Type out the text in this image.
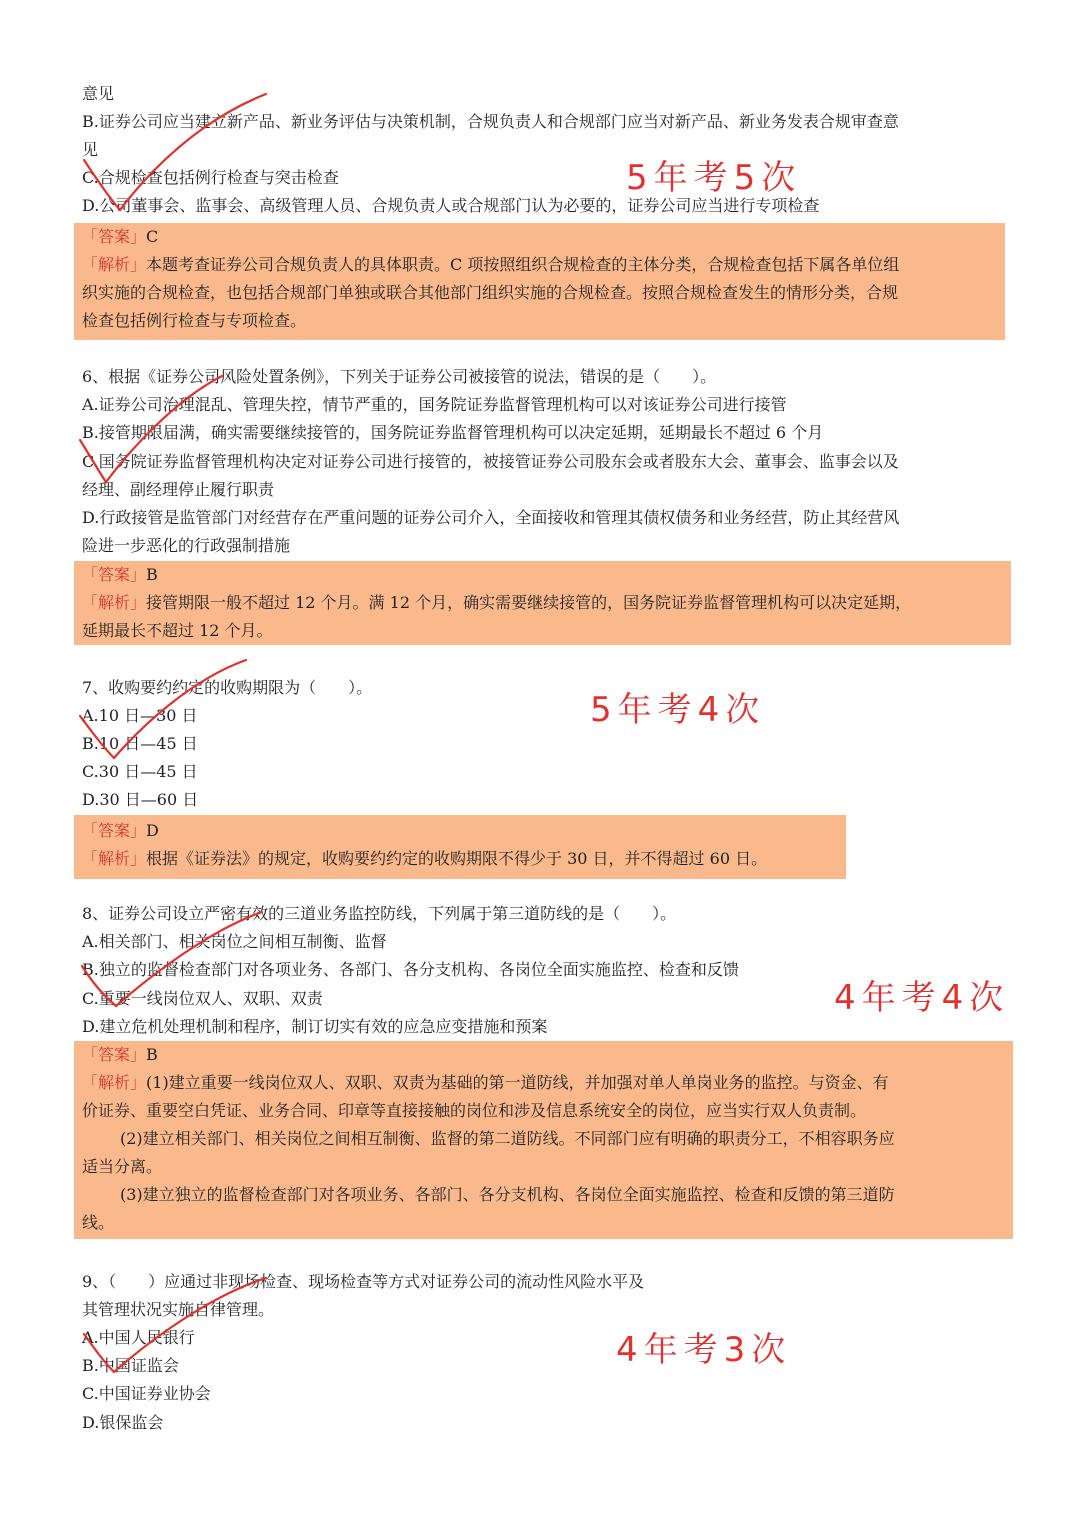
意见
B.证券公司应当建立新产品、新业务评估与决策机制，合规负责人和合规部门应当对新产品、新业务发表合规审查意
见
C.合规检查包括例行检查与突击检查
D.公司董事会、监事会、高级管理人员、合规负责人或合规部门认为必要的，证券公司应当进行专项检查
「答案」C
「解析」本题考查证券公司合规负责人的具体职责。C 项按照组织合规检查的主体分类，合规检查包括下属各单位组
织实施的合规检查，也包括合规部门单独或联合其他部门组织实施的合规检查。按照合规检查发生的情形分类，合规
检查包括例行检查与专项检查。
5年考5次
6、根据《证券公司风险处置条例》，下列关于证券公司被接管的说法，错误的是（　　）。
A.证券公司治理混乱、管理失控，情节严重的，国务院证券监督管理机构可以对该证券公司进行接管
B.接管期限届满，确实需要继续接管的，国务院证券监督管理机构可以决定延期，延期最长不超过 6 个月
C.国务院证券监督管理机构决定对证券公司进行接管的，被接管证券公司股东会或者股东大会、董事会、监事会以及
经理、副经理停止履行职责
D.行政接管是监管部门对经营存在严重问题的证券公司介入，全面接收和管理其债权债务和业务经营，防止其经营风
险进一步恶化的行政强制措施
「答案」B
「解析」接管期限一般不超过 12 个月。满 12 个月，确实需要继续接管的，国务院证券监督管理机构可以决定延期，
延期最长不超过 12 个月。
7、收购要约约定的收购期限为（　　）。
A.10 日—30 日
B.10 日—45 日
C.30 日—45 日
D.30 日—60 日
「答案」D
「解析」根据《证券法》的规定，收购要约约定的收购期限不得少于 30 日，并不得超过 60 日。
5年考4次
8、证券公司设立严密有效的三道业务监控防线，下列属于第三道防线的是（　　）。
A.相关部门、相关岗位之间相互制衡、监督
B.独立的监督检查部门对各项业务、各部门、各分支机构、各岗位全面实施监控、检查和反馈
C.重要一线岗位双人、双职、双责
D.建立危机处理机制和程序，制订切实有效的应急应变措施和预案
「答案」B
「解析」(1)建立重要一线岗位双人、双职、双责为基础的第一道防线，并加强对单人单岗业务的监控。与资金、有
价证券、重要空白凭证、业务合同、印章等直接接触的岗位和涉及信息系统安全的岗位，应当实行双人负责制。
(2)建立相关部门、相关岗位之间相互制衡、监督的第二道防线。不同部门应有明确的职责分工，不相容职务应
适当分离。
(3)建立独立的监督检查部门对各项业务、各部门、各分支机构、各岗位全面实施监控、检查和反馈的第三道防
线。
4年考4次
9、（　　）应通过非现场检查、现场检查等方式对证券公司的流动性风险水平及
其管理状况实施自律管理。
A.中国人民银行
B.中国证监会
C.中国证券业协会
D.银保监会
4年考3次
